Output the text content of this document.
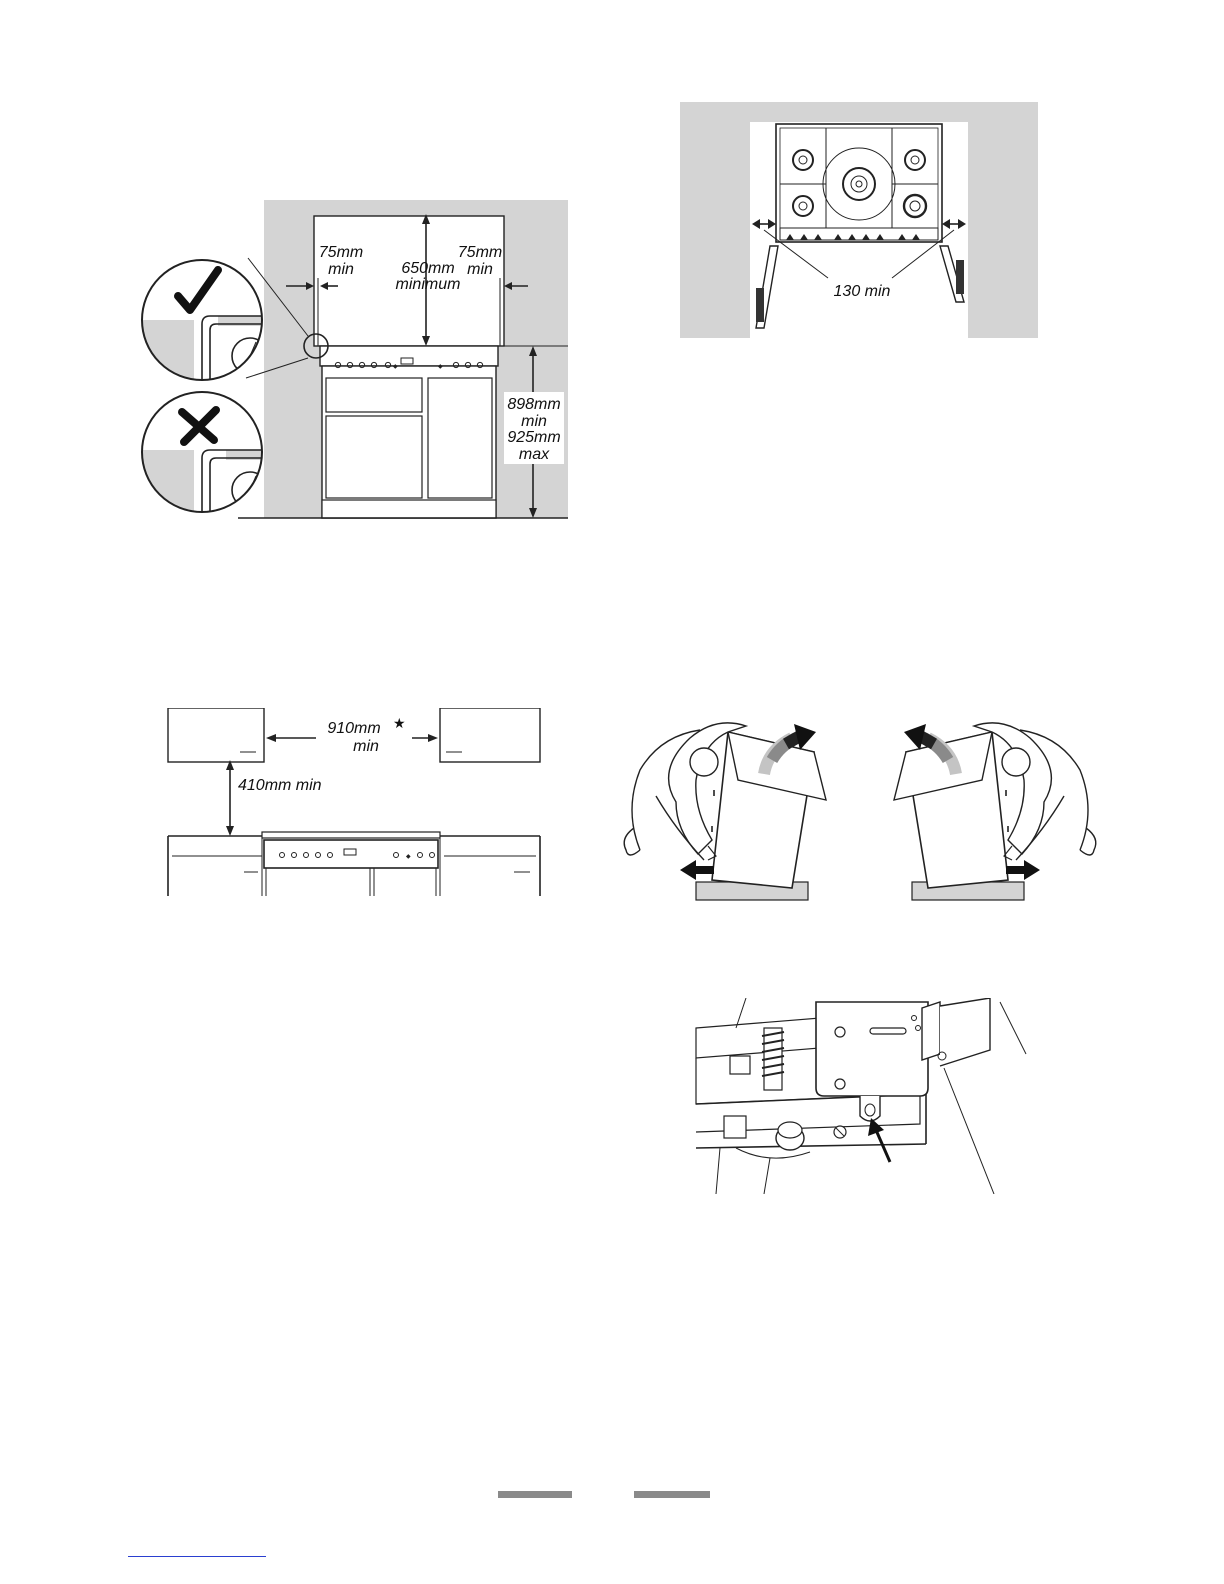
◆	◆
75mm
min
75mm
min
650mm
minimum
898mm
min
925mm
max
130 min
910mm ★
min
410mm min
◆
